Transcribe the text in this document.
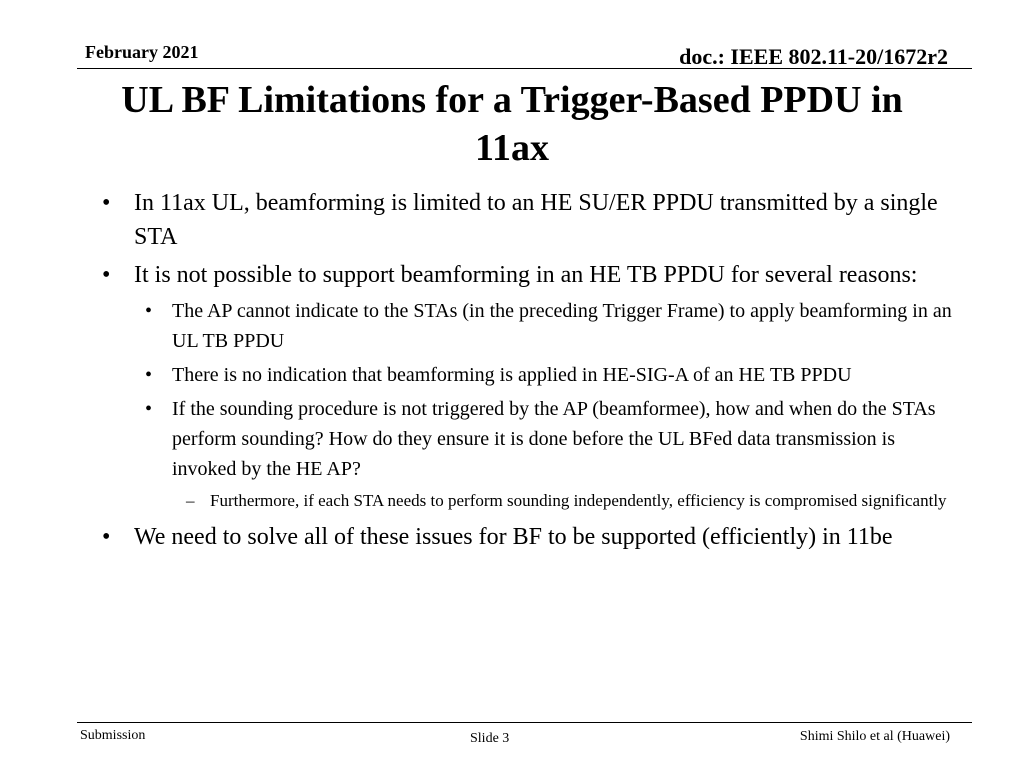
February 2021	doc.: IEEE 802.11-20/1672r2
UL BF Limitations for a Trigger-Based PPDU in 11ax
• In 11ax UL, beamforming is limited to an HE SU/ER PPDU transmitted by a single STA
• It is not possible to support beamforming in an HE TB PPDU for several reasons:
• The AP cannot indicate to the STAs (in the preceding Trigger Frame) to apply beamforming in an UL TB PPDU
• There is no indication that beamforming is applied in HE-SIG-A of an HE TB PPDU
• If the sounding procedure is not triggered by the AP (beamformee), how and when do the STAs perform sounding? How do they ensure it is done before the UL BFed data transmission is invoked by the HE AP?
– Furthermore, if each STA needs to perform sounding independently, efficiency is compromised significantly
• We need to solve all of these issues for BF to be supported (efficiently) in 11be
Submission	Slide 3	Shimi Shilo et al (Huawei)
